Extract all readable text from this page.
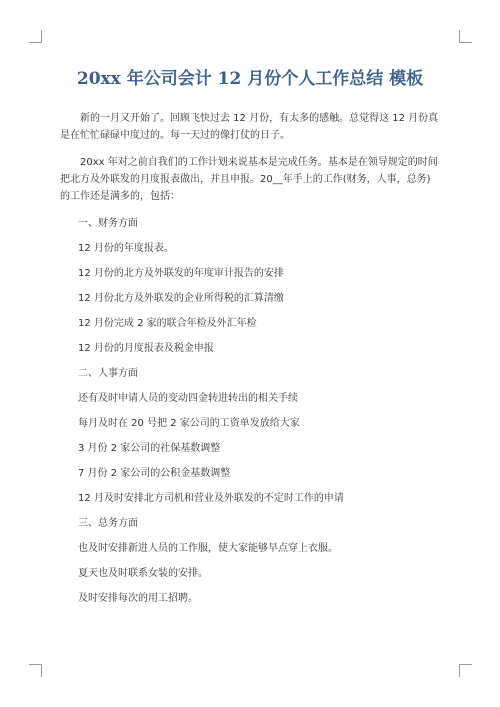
20xx 年公司会计 12 月份个人工作总结 模板

新的一月又开始了。回顾飞快过去 12 月份，有太多的感触。总觉得这 12 月份真是在忙忙碌碌中度过的。每一天过的像打仗的日子。

20xx 年对之前自我们的工作计划来说基本是完成任务。基本是在领导规定的时间把北方及外联发的月度报表做出，并且申报。20__年手上的工作(财务，人事，总务)的工作还是满多的，包括：

一、财务方面
12 月份的年度报表。
12 月份的北方及外联发的年度审计报告的安排
12 月份北方及外联发的企业所得税的汇算清缴
12 月份完成 2 家的联合年检及外汇年检
12 月份的月度报表及税金申报
二、人事方面
还有及时申请人员的变动四金转进转出的相关手续
每月及时在 20 号把 2 家公司的工资单发放给大家
3 月份 2 家公司的社保基数调整
7 月份 2 家公司的公积金基数调整
12 月及时安排北方司机和营业及外联发的不定时工作的申请
三、总务方面
也及时安排新进人员的工作服，使大家能够早点穿上衣服。
夏天也及时联系女装的安排。
及时安排每次的用工招聘。
